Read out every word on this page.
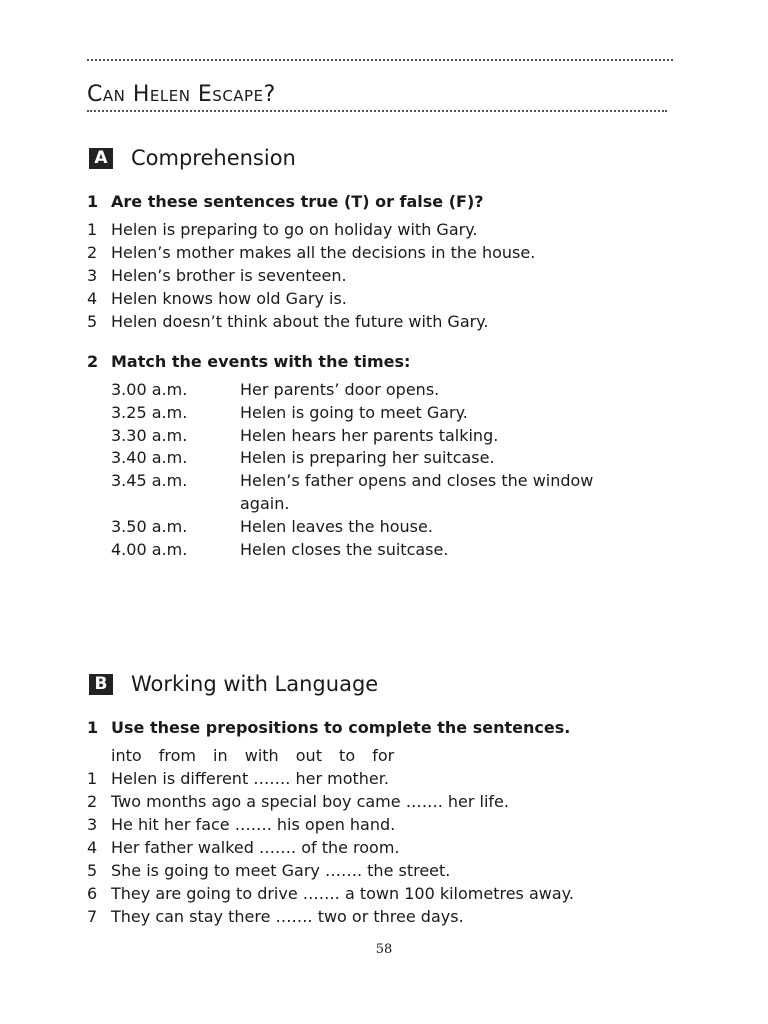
Can Helen Escape?
A Comprehension
1 Are these sentences true (T) or false (F)?
1 Helen is preparing to go on holiday with Gary.
2 Helen’s mother makes all the decisions in the house.
3 Helen’s brother is seventeen.
4 Helen knows how old Gary is.
5 Helen doesn’t think about the future with Gary.
2 Match the events with the times:
3.00 a.m.	Her parents’ door opens.
3.25 a.m.	Helen is going to meet Gary.
3.30 a.m.	Helen hears her parents talking.
3.40 a.m.	Helen is preparing her suitcase.
3.45 a.m.	Helen’s father opens and closes the window again.
3.50 a.m.	Helen leaves the house.
4.00 a.m.	Helen closes the suitcase.
B Working with Language
1 Use these prepositions to complete the sentences.
into from in with out to for
1 Helen is different ……. her mother.
2 Two months ago a special boy came ……. her life.
3 He hit her face ……. his open hand.
4 Her father walked ……. of the room.
5 She is going to meet Gary ……. the street.
6 They are going to drive ……. a town 100 kilometres away.
7 They can stay there ……. two or three days.
58
